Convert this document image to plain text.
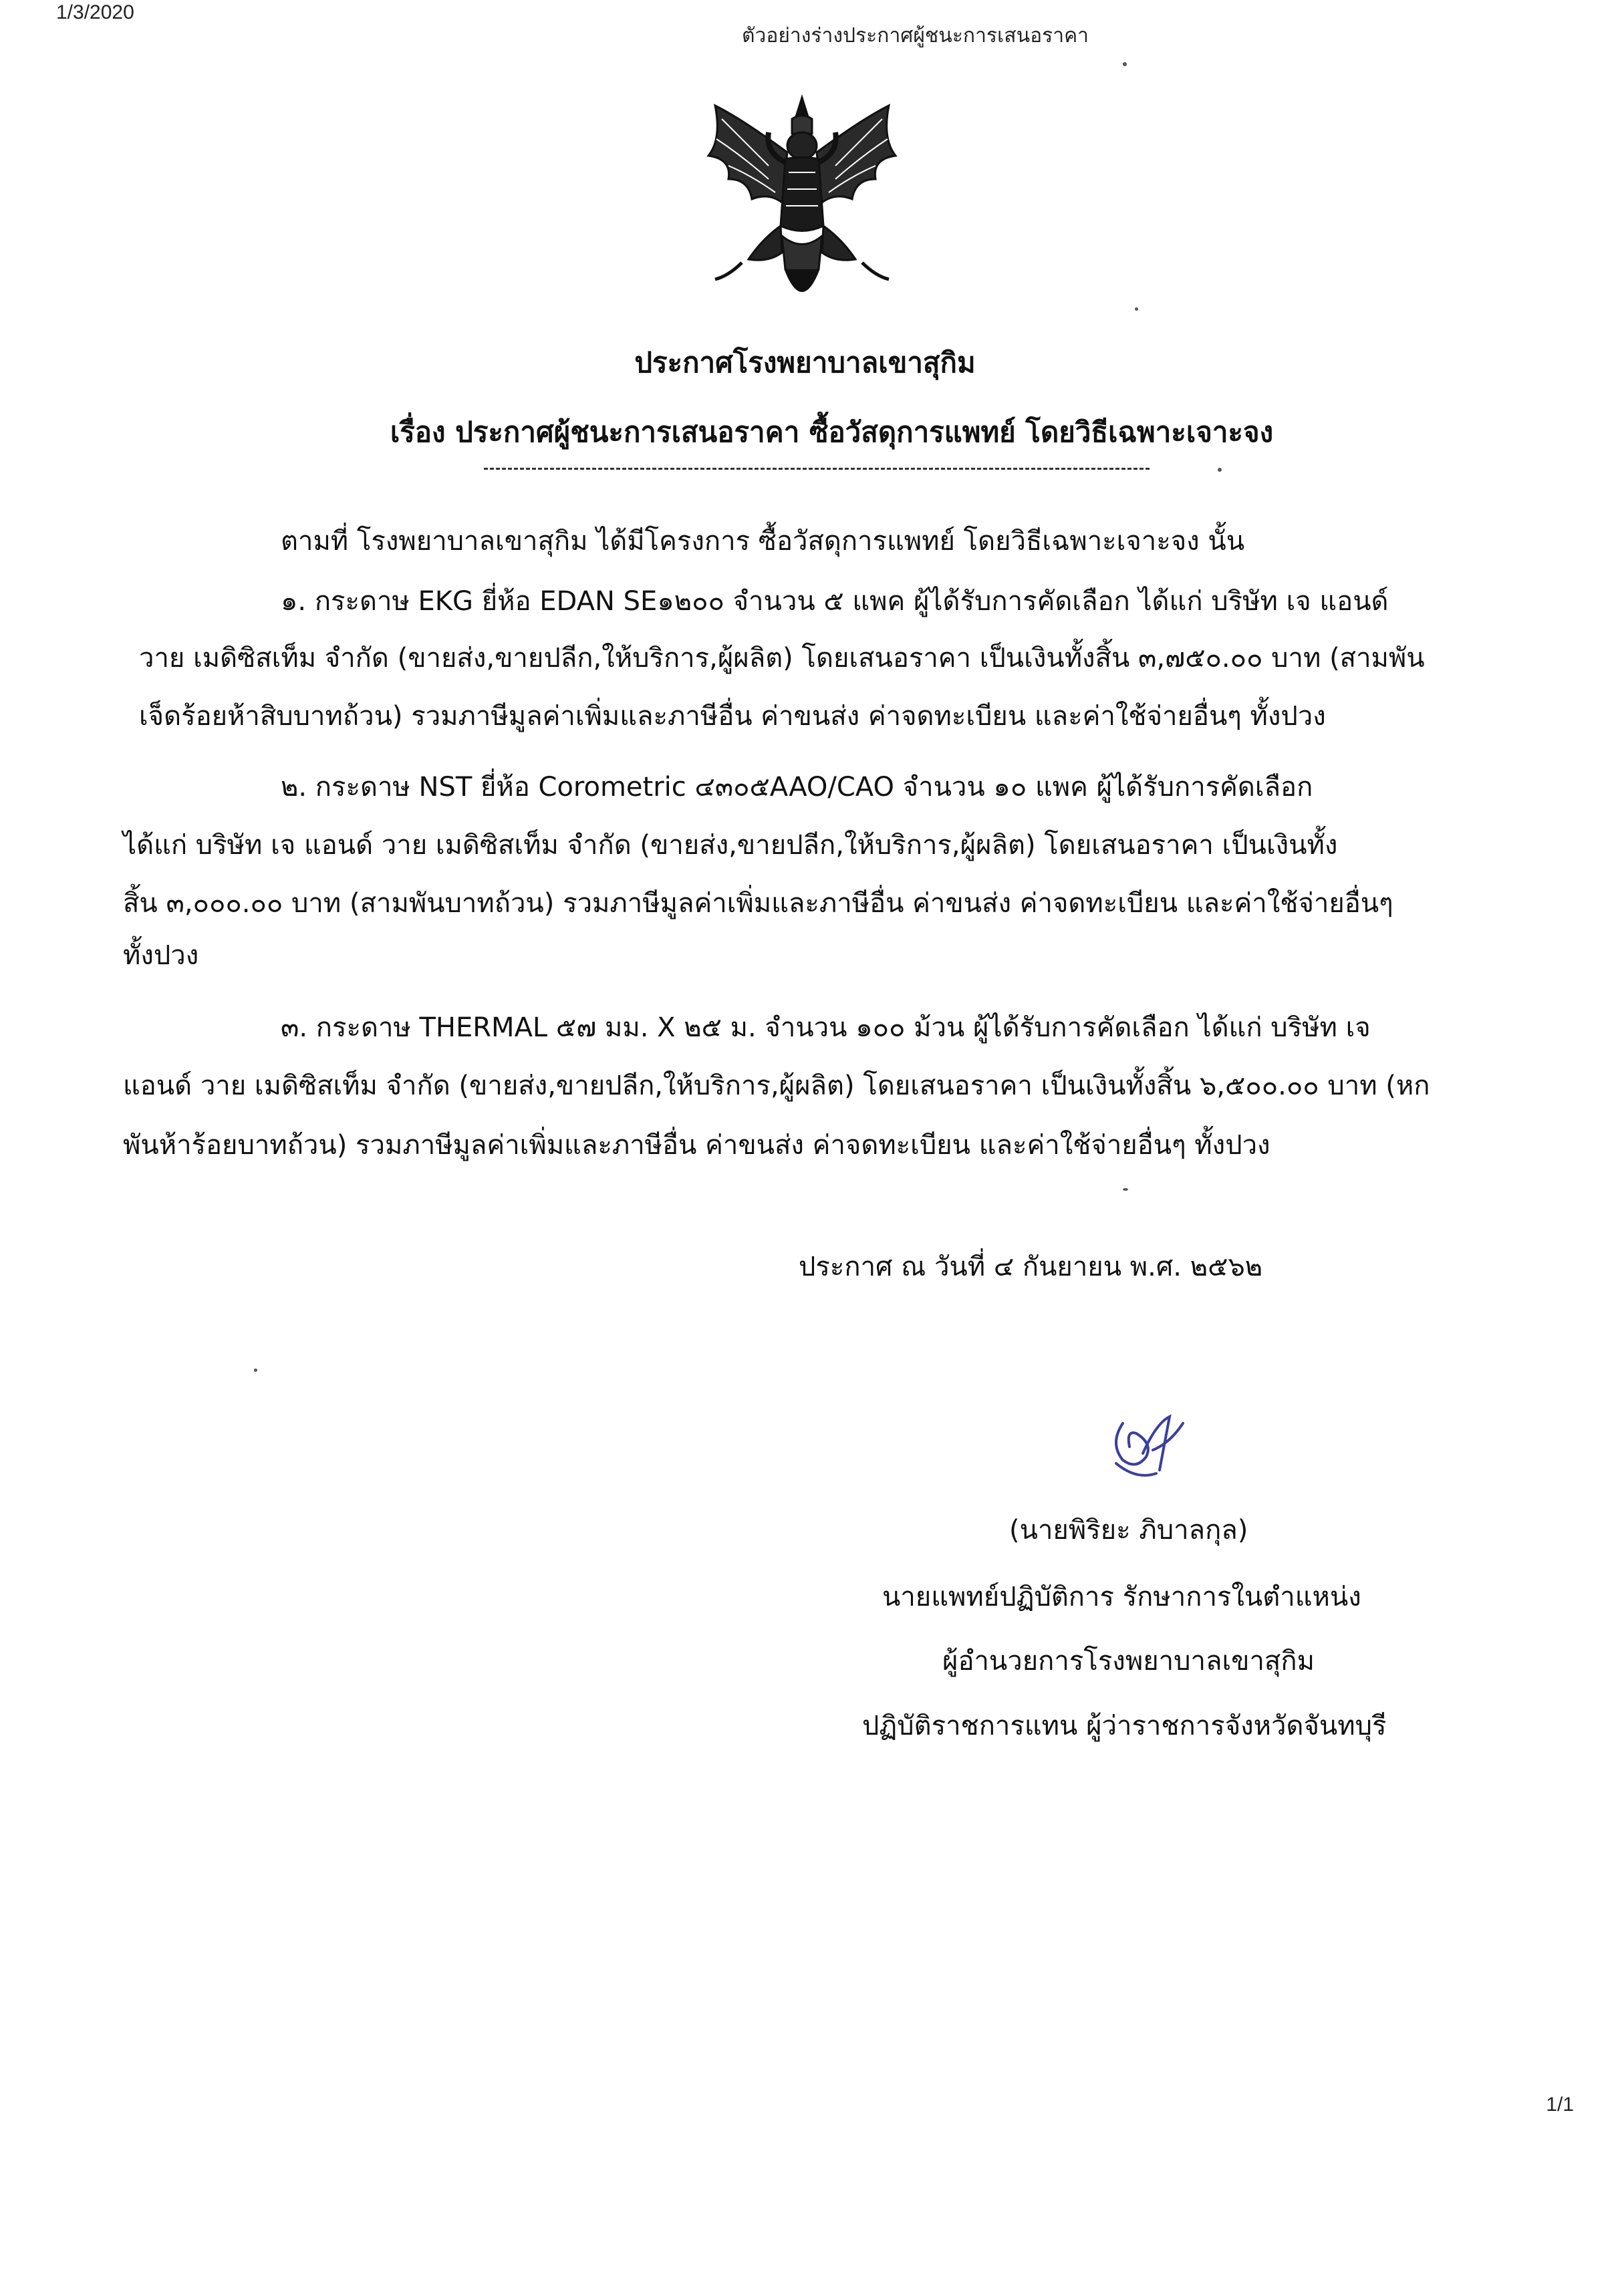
1/3/2020
ตัวอย่างร่างประกาศผู้ชนะการเสนอราคา
ประกาศโรงพยาบาลเขาสุกิม
เรื่อง ประกาศผู้ชนะการเสนอราคา ซื้อวัสดุการแพทย์ โดยวิธีเฉพาะเจาะจง
ตามที่ โรงพยาบาลเขาสุกิม ได้มีโครงการ ซื้อวัสดุการแพทย์ โดยวิธีเฉพาะเจาะจง นั้น
๑. กระดาษ EKG ยี่ห้อ EDAN SE๑๒๐๐ จำนวน ๕ แพค ผู้ได้รับการคัดเลือก ได้แก่ บริษัท เจ แอนด์
วาย เมดิซิสเท็ม จำกัด (ขายส่ง,ขายปลีก,ให้บริการ,ผู้ผลิต) โดยเสนอราคา เป็นเงินทั้งสิ้น ๓,๗๕๐.๐๐ บาท (สามพัน
เจ็ดร้อยห้าสิบบาทถ้วน) รวมภาษีมูลค่าเพิ่มและภาษีอื่น ค่าขนส่ง ค่าจดทะเบียน และค่าใช้จ่ายอื่นๆ ทั้งปวง
๒. กระดาษ NST ยี่ห้อ Corometric ๔๓๐๕AAO/CAO จำนวน ๑๐ แพค ผู้ได้รับการคัดเลือก
ได้แก่ บริษัท เจ แอนด์ วาย เมดิซิสเท็ม จำกัด (ขายส่ง,ขายปลีก,ให้บริการ,ผู้ผลิต) โดยเสนอราคา เป็นเงินทั้ง
สิ้น ๓,๐๐๐.๐๐ บาท (สามพันบาทถ้วน) รวมภาษีมูลค่าเพิ่มและภาษีอื่น ค่าขนส่ง ค่าจดทะเบียน และค่าใช้จ่ายอื่นๆ
ทั้งปวง
๓. กระดาษ THERMAL ๕๗ มม. X ๒๕ ม. จำนวน ๑๐๐ ม้วน ผู้ได้รับการคัดเลือก ได้แก่ บริษัท เจ
แอนด์ วาย เมดิซิสเท็ม จำกัด (ขายส่ง,ขายปลีก,ให้บริการ,ผู้ผลิต) โดยเสนอราคา เป็นเงินทั้งสิ้น ๖,๕๐๐.๐๐ บาท (หก
พันห้าร้อยบาทถ้วน) รวมภาษีมูลค่าเพิ่มและภาษีอื่น ค่าขนส่ง ค่าจดทะเบียน และค่าใช้จ่ายอื่นๆ ทั้งปวง
ประกาศ ณ วันที่ ๔ กันยายน พ.ศ. ๒๕๖๒
(นายพิริยะ ภิบาลกุล)
นายแพทย์ปฏิบัติการ รักษาการในตำแหน่ง
ผู้อำนวยการโรงพยาบาลเขาสุกิม
ปฏิบัติราชการแทน ผู้ว่าราชการจังหวัดจันทบุรี
1/1
